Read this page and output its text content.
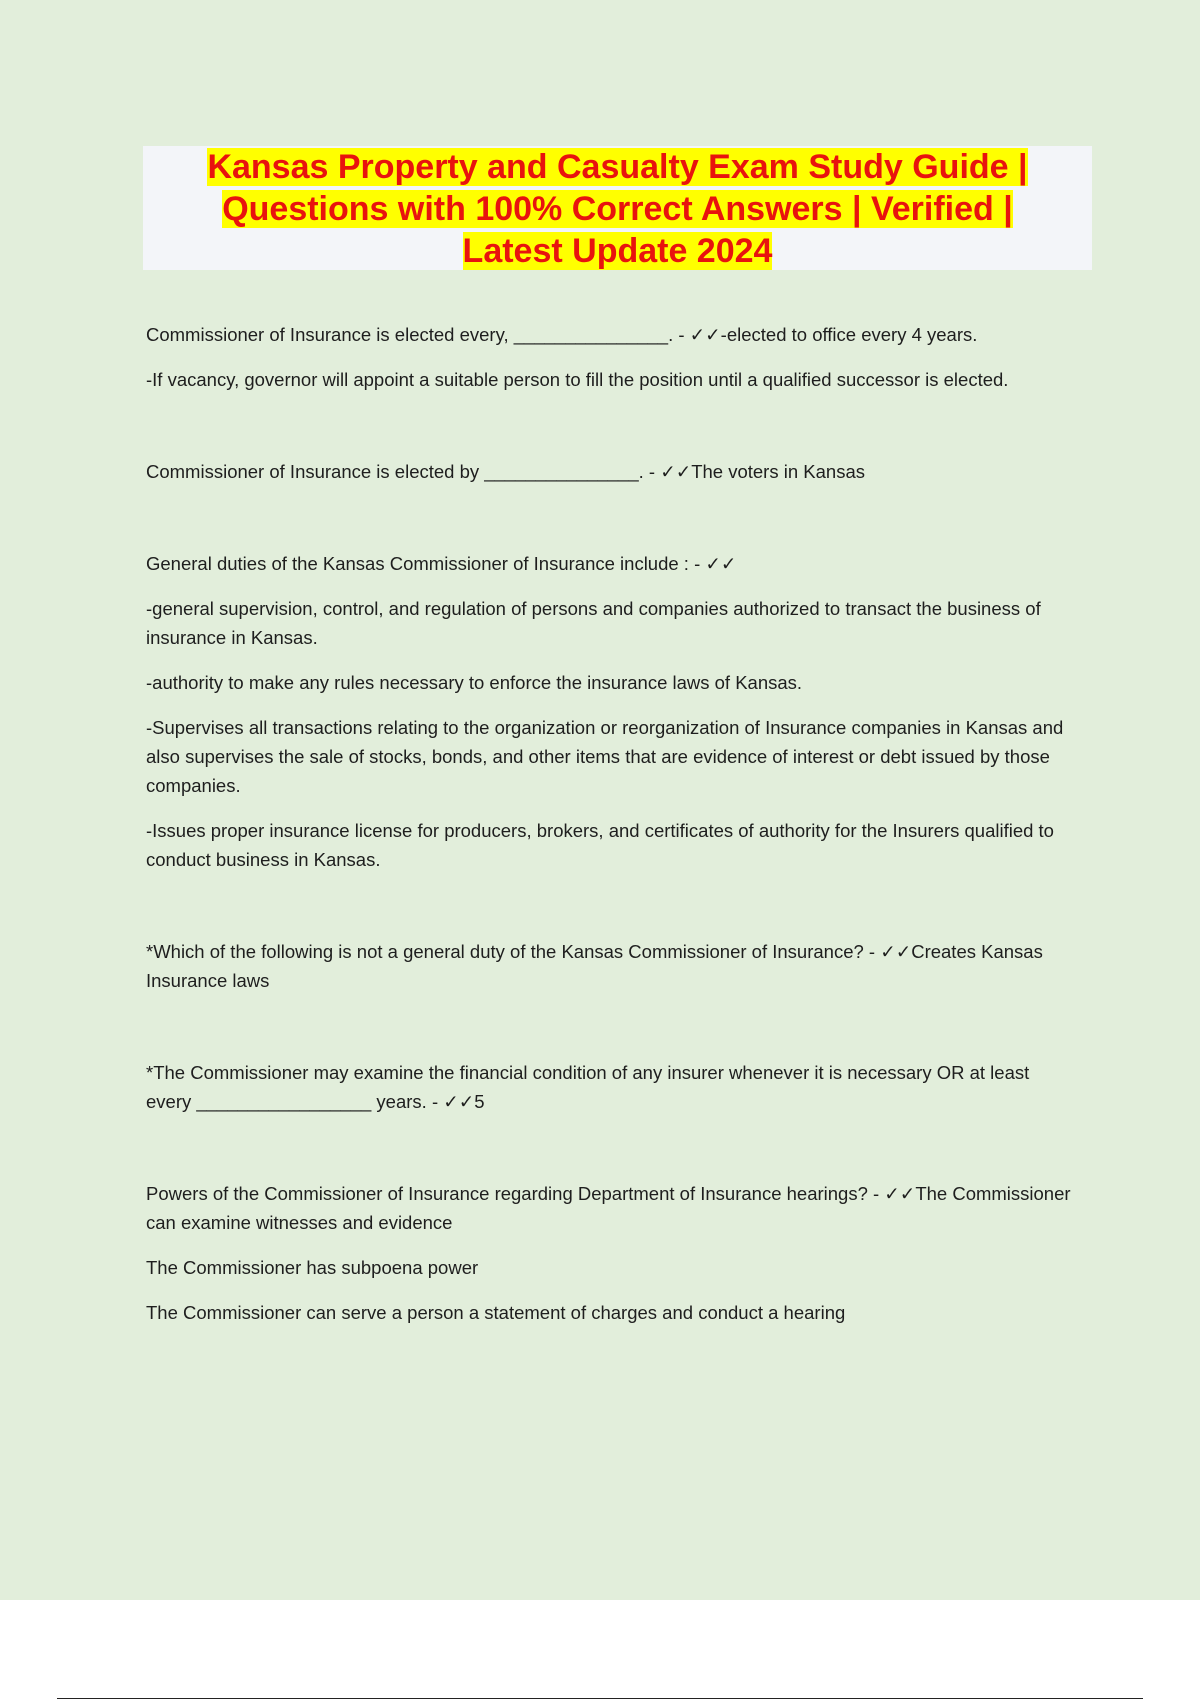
Kansas Property and Casualty Exam Study Guide | Questions with 100% Correct Answers | Verified | Latest Update 2024

Commissioner of Insurance is elected every, _______________. - ✓✓-elected to office every 4 years.

-If vacancy, governor will appoint a suitable person to fill the position until a qualified successor is elected.

Commissioner of Insurance is elected by _______________. - ✓✓The voters in Kansas

General duties of the Kansas Commissioner of Insurance include : - ✓✓

-general supervision, control, and regulation of persons and companies authorized to transact the business of insurance in Kansas.

-authority to make any rules necessary to enforce the insurance laws of Kansas.

-Supervises all transactions relating to the organization or reorganization of Insurance companies in Kansas and also supervises the sale of stocks, bonds, and other items that are evidence of interest or debt issued by those companies.

-Issues proper insurance license for producers, brokers, and certificates of authority for the Insurers qualified to conduct business in Kansas.

*Which of the following is not a general duty of the Kansas Commissioner of Insurance? - ✓✓Creates Kansas Insurance laws

*The Commissioner may examine the financial condition of any insurer whenever it is necessary OR at least every _________________ years. - ✓✓5

Powers of the Commissioner of Insurance regarding Department of Insurance hearings? - ✓✓The Commissioner can examine witnesses and evidence

The Commissioner has subpoena power

The Commissioner can serve a person a statement of charges and conduct a hearing
